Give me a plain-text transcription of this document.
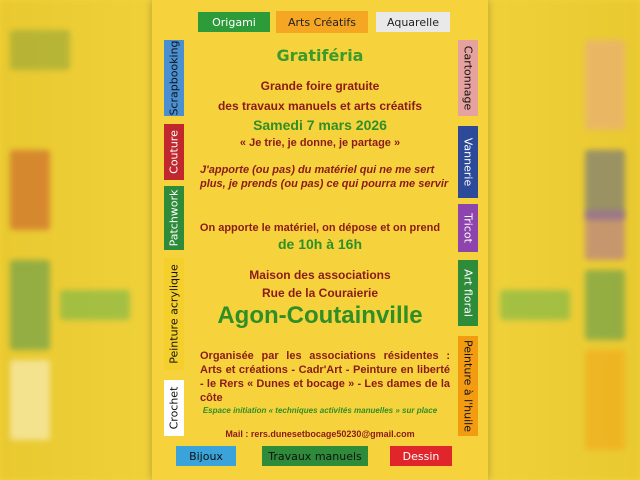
Origami	Arts Créatifs	Aquarelle
Scrapbooking
Couture
Patchwork
Peinture acrylique
Crochet
Cartonnage
Vannerie
Tricot
Art floral
Peinture à l'huile
Bijoux	Travaux manuels	Dessin
Gratiféria
Grande foire gratuite
des travaux manuels et arts créatifs
Samedi 7 mars 2026
« Je trie, je donne, je partage »
J'apporte (ou pas) du matériel qui ne me sert plus, je prends (ou pas) ce qui pourra me servir
On apporte le matériel, on dépose et on prend
de 10h à 16h
Maison des associations
Rue de la Couraierie
Agon-Coutainville
Organisée par les associations résidentes : Arts et créations - Cadr'Art - Peinture en liberté - le Rers « Dunes et bocage » - Les dames de la côte
Espace initiation « techniques activités manuelles » sur place
Mail : rers.dunesetbocage50230@gmail.com
